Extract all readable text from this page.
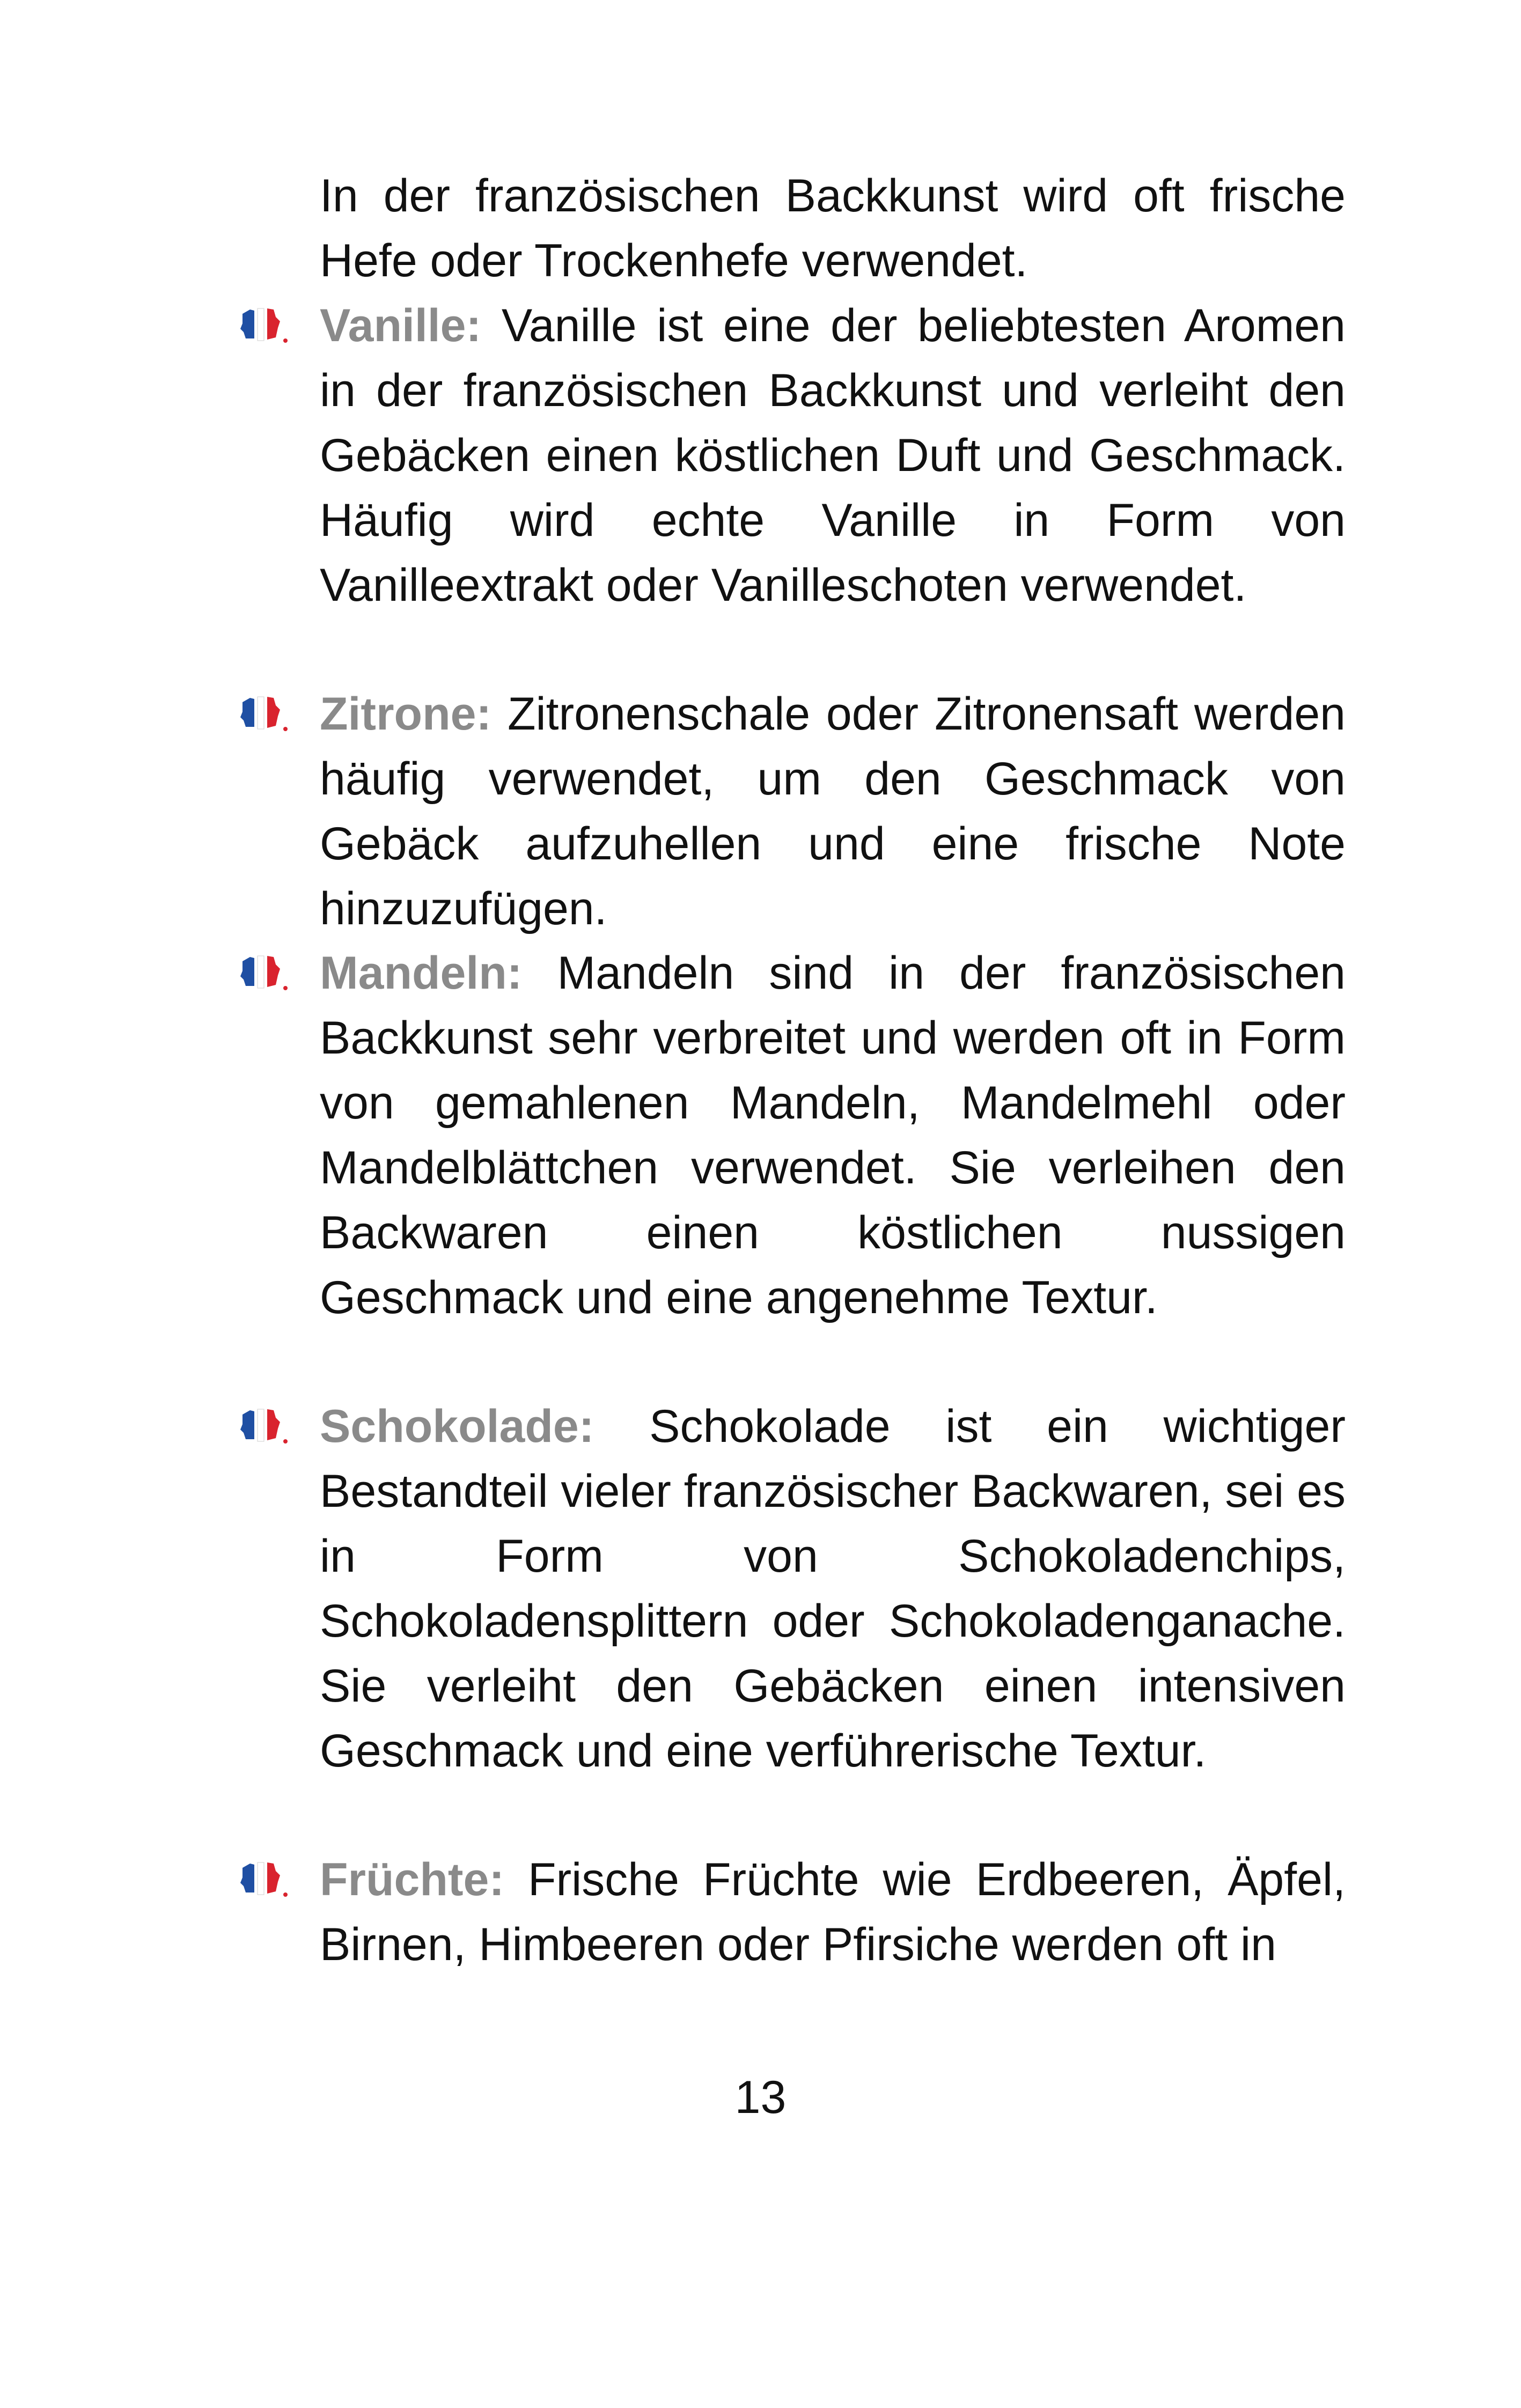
In der französischen Backkunst wird oft frische Hefe oder Trockenhefe verwendet.

Vanille: Vanille ist eine der beliebtesten Aromen in der französischen Backkunst und verleiht den Gebäcken einen köstlichen Duft und Geschmack. Häufig wird echte Vanille in Form von Vanilleextrakt oder Vanilleschoten verwendet.

Zitrone: Zitronenschale oder Zitronensaft werden häufig verwendet, um den Geschmack von Gebäck aufzuhellen und eine frische Note hinzuzufügen.

Mandeln: Mandeln sind in der französischen Backkunst sehr verbreitet und werden oft in Form von gemahlenen Mandeln, Mandelmehl oder Mandelblättchen verwendet. Sie verleihen den Backwaren einen köstlichen nussigen Geschmack und eine angenehme Textur.

Schokolade: Schokolade ist ein wichtiger Bestandteil vieler französischer Backwaren, sei es in Form von Schokoladenchips, Schokoladensplittern oder Schokoladenganache. Sie verleiht den Gebäcken einen intensiven Geschmack und eine verführerische Textur.

Früchte: Frische Früchte wie Erdbeeren, Äpfel, Birnen, Himbeeren oder Pfirsiche werden oft in

13
